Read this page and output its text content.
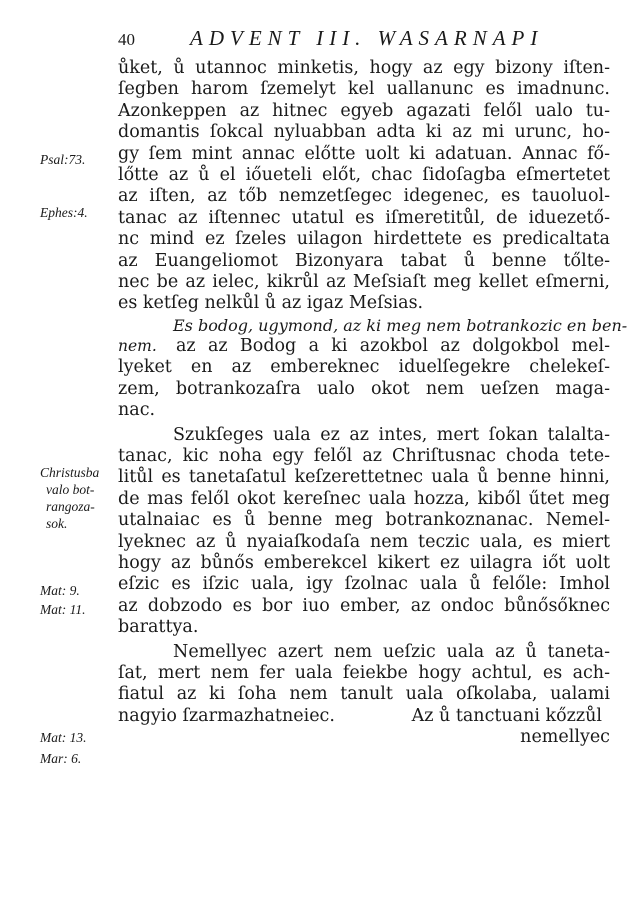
40	ADVENT III. WASARNAPI
Psal:73.
Ephes:4.
Christusba
valo bot-
rangoza-
sok.
Mat: 9.
Mat: 11.
Mat: 13.
Mar: 6.
ůket, ů utannoc minketis, hogy az egy bizony iſten-
ſegben harom ſzemelyt kel uallanunc es imadnunc.
Azonkeppen az hitnec egyeb agazati felől ualo tu-
domantis ſokcal nyluabban adta ki az mi urunc, ho-
gy ſem mint annac előtte uolt ki adatuan. Annac fő-
lőtte az ů el iőueteli előt, chac ſidoſagba eſmertetet
az iſten, az tőb nemzetſegec idegenec, es tauoluol-
tanac az iſtennec utatul es iſmeretitůl, de iduezető-
nc mind ez ſzeles uilagon hirdettete es predicaltata
az Euangeliomot Bizonyara tabat ů benne tőlte-
nec be az ielec, kikrůl az Meſsiaſt meg kellet eſmerni,
es ketſeg nelkůl ů az igaz Meſsias.
Es bodog, ugymond, az ki meg nem botrankozic en ben-
nem. az az Bodog a ki azokbol az dolgokbol mel-
lyeket en az embereknec iduelſegekre chelekeſ-
zem, botrankozaſra ualo okot nem ueſzen maga-
nac.
Szukſeges uala ez az intes, mert ſokan talalta-
tanac, kic noha egy felől az Chriſtusnac choda tete-
litůl es tanetaſatul keſzerettetnec uala ů benne hinni,
de mas felől okot kereſnec uala hozza, kiből űtet meg
utalnaiac es ů benne meg botrankoznanac. Nemel-
lyeknec az ů nyaiaſkodaſa nem teczic uala, es miert
hogy az bůnős emberekcel kikert ez uilagra iőt uolt
eſzic es iſzic uala, igy ſzolnac uala ů felőle: Imhol
az dobzodo es bor iuo ember, az ondoc bůnősőknec
barattya.
Nemellyec azert nem ueſzic uala az ů taneta-
ſat, mert nem fer uala feiekbe hogy achtul, es ach-
fiatul az ki ſoha nem tanult uala oſkolaba, ualami
nagyio ſzarmazhatneiec.	Az ů tanctuani kőzzůl
nemellyec
